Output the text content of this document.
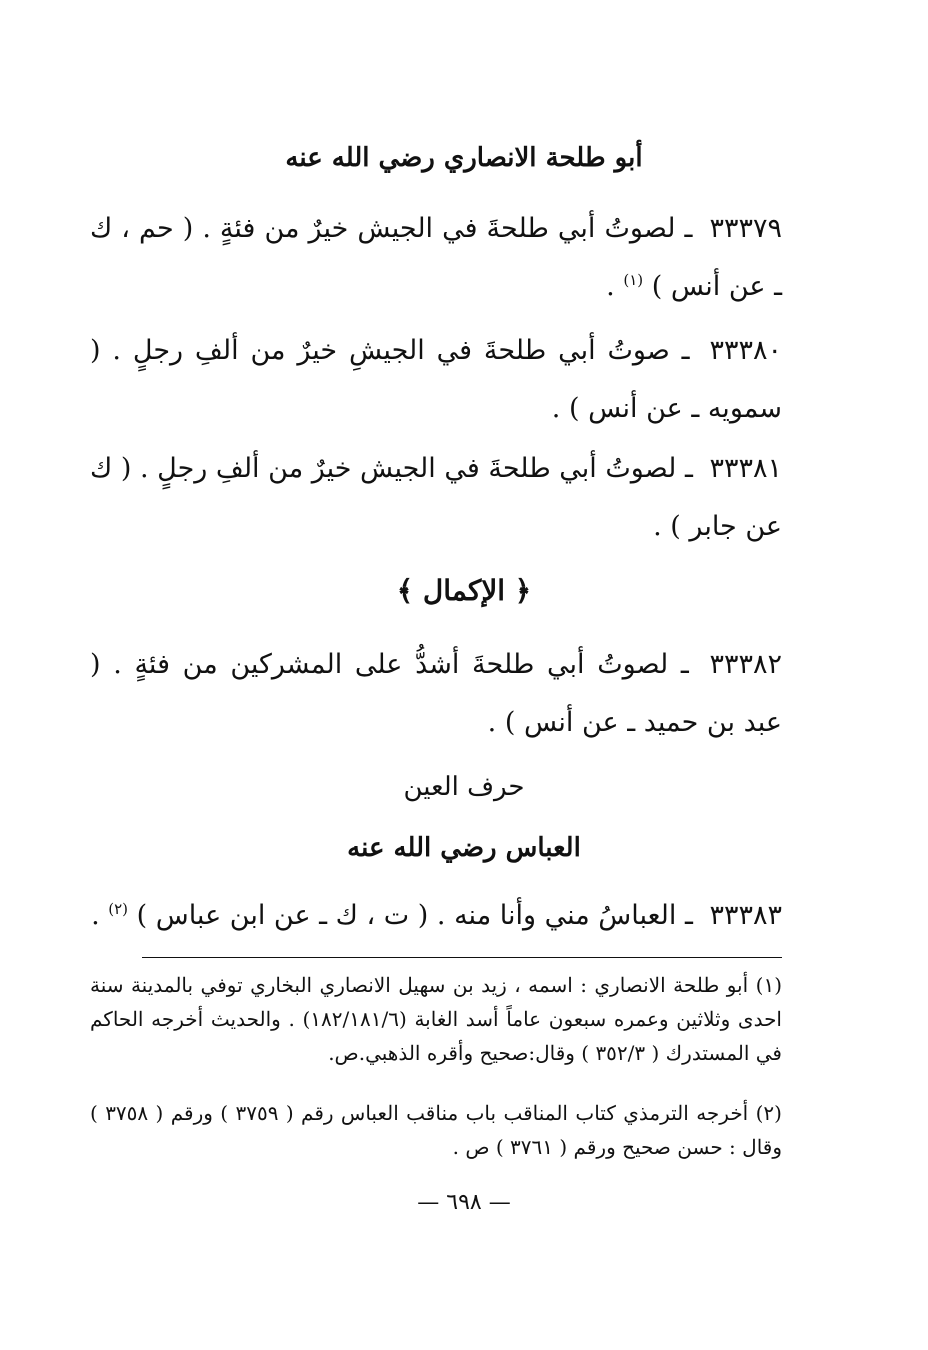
أبو طلحة الانصاري رضي الله عنه
٣٣٣٧٩ ـ لصوتُ أبي طلحةَ في الجيش خيرٌ من فئةٍ . ( حم ، ك ـ عن أنس ) $^{(١)}$ .
٣٣٣٨٠ ـ صوتُ أبي طلحةَ في الجيشِ خيرٌ من ألفِ رجلٍ . ( سمويه ـ عن أنس ) .
٣٣٣٨١ ـ لصوتُ أبي طلحةَ في الجيش خيرٌ من ألفِ رجلٍ . ( ك عن جابر ) .
﴿ الإكمال ﴾
٣٣٣٨٢ ـ لصوتُ أبي طلحةَ أشدُّ على المشركين من فئةٍ . ( عبد بن حميد ـ عن أنس ) .
حرف العين
العباس رضي الله عنه
٣٣٣٨٣ ـ العباسُ مني وأنا منه . ( ت ، ك ـ عن ابن عباس ) $^{(٢)}$ .
(١) أبو طلحة الانصاري : اسمه ، زيد بن سهيل الانصاري البخاري توفي بالمدينة سنة احدى وثلاثين وعمره سبعون عاماً أسد الغابة (١٨٢/١٨١/٦) . والحديث أخرجه الحاكم في المستدرك ( ٣٥٢/٣ ) وقال:صحيح وأقره الذهبي.ص.
(٢) أخرجه الترمذي كتاب المناقب باب مناقب العباس رقم ( ٣٧٥٩ ) ورقم ( ٣٧٥٨ ) وقال : حسن صحيح ورقم ( ٣٧٦١ ) ص .
— ٦٩٨ —
